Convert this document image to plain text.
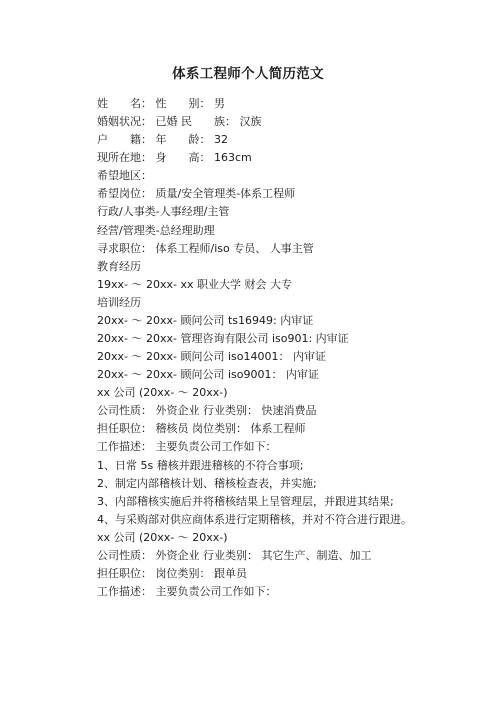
体系工程师个人简历范文
姓　　名： 性　　别： 男
婚姻状况： 已婚 民　　族： 汉族
户　　籍： 年　　龄： 32
现所在地： 身　　高： 163cm
希望地区：
希望岗位： 质量/安全管理类-体系工程师
行政/人事类-人事经理/主管
经营/管理类-总经理助理
寻求职位： 体系工程师/iso 专员、 人事主管
教育经历
19xx- ～ 20xx- xx 职业大学 财会 大专
培训经历
20xx- ～ 20xx- 顾问公司 ts16949: 内审证
20xx- ～ 20xx- 管理咨询有限公司 iso901: 内审证
20xx- ～ 20xx- 顾问公司 iso14001： 内审证
20xx- ～ 20xx- 顾问公司 iso9001： 内审证
xx 公司 (20xx- ～ 20xx-)
公司性质： 外资企业 行业类别： 快速消费品
担任职位： 稽核员 岗位类别： 体系工程师
工作描述： 主要负责公司工作如下：
1、日常 5s 稽核并跟进稽核的不符合事项;
2、制定内部稽核计划、稽核检查表，并实施;
3、内部稽核实施后并将稽核结果上呈管理层，并跟进其结果;
4、与采购部对供应商体系进行定期稽核，并对不符合进行跟进。
xx 公司 (20xx- ～ 20xx-)
公司性质： 外资企业 行业类别： 其它生产、制造、加工
担任职位： 岗位类别： 跟单员
工作描述： 主要负责公司工作如下：
